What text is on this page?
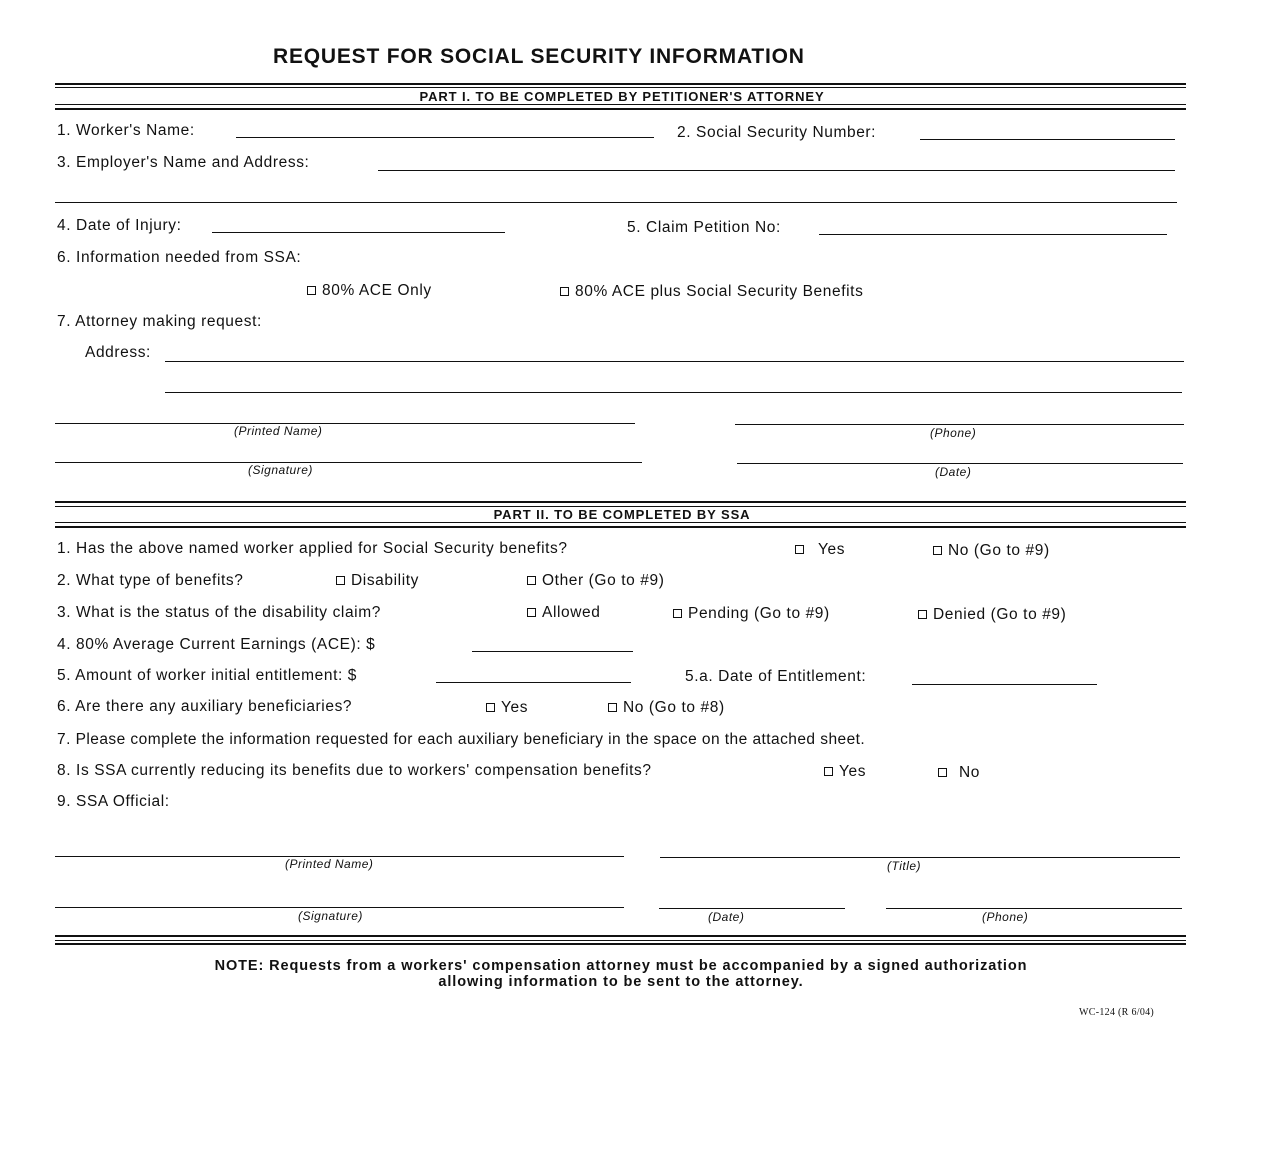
REQUEST FOR SOCIAL SECURITY INFORMATION
PART I. TO BE COMPLETED BY PETITIONER'S ATTORNEY
1. Worker's Name:	2. Social Security Number:
3. Employer's Name and Address:
4. Date of Injury:	5. Claim Petition No:
6. Information needed from SSA:
80% ACE Only	80% ACE plus Social Security Benefits
7. Attorney making request:
Address:
(Printed Name)	(Phone)
(Signature)	(Date)
PART II. TO BE COMPLETED BY SSA
1. Has the above named worker applied for Social Security benefits?	Yes	No (Go to #9)
2. What type of benefits?	Disability	Other (Go to #9)
3. What is the status of the disability claim?	Allowed	Pending (Go to #9)	Denied (Go to #9)
4. 80% Average Current Earnings (ACE): $
5. Amount of worker initial entitlement: $	5.a. Date of Entitlement:
6. Are there any auxiliary beneficiaries?	Yes	No (Go to #8)
7. Please complete the information requested for each auxiliary beneficiary in the space on the attached sheet.
8. Is SSA currently reducing its benefits due to workers' compensation benefits?	Yes	No
9. SSA Official:
(Printed Name)	(Title)
(Signature)	(Date)	(Phone)
NOTE: Requests from a workers' compensation attorney must be accompanied by a signed authorization
allowing information to be sent to the attorney.
WC-124 (R 6/04)
